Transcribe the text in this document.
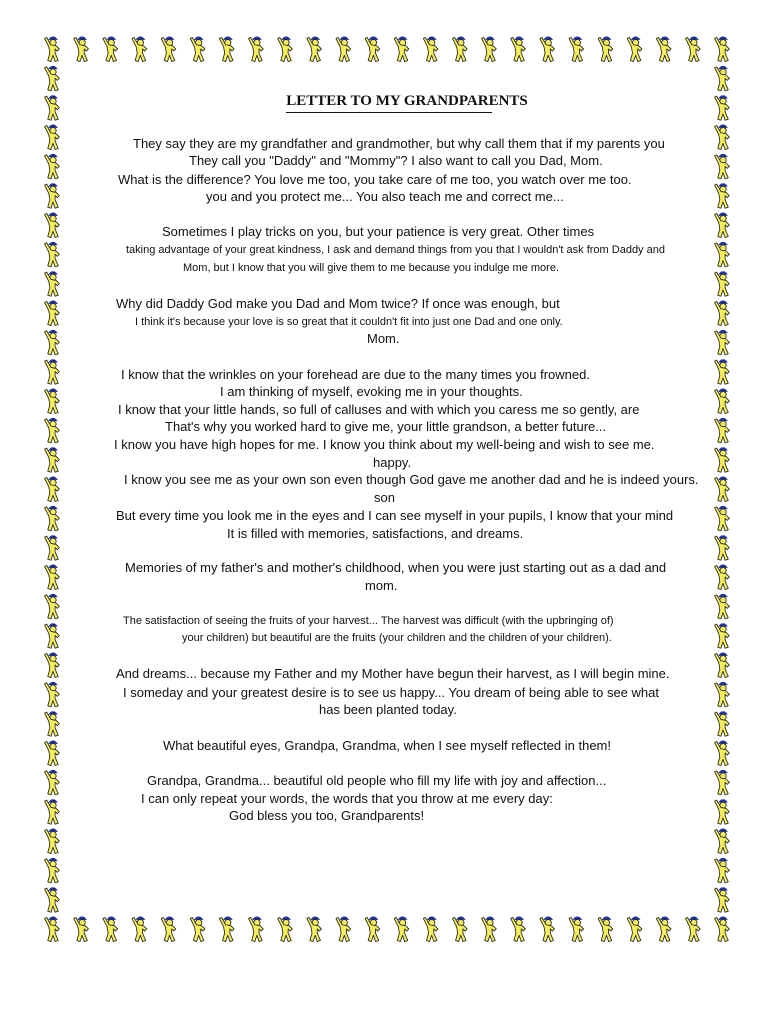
LETTER TO MY GRANDPARENTS
They say they are my grandfather and grandmother, but why call them that if my parents you
They call you "Daddy" and "Mommy"? I also want to call you Dad, Mom.
What is the difference? You love me too, you take care of me too, you watch over me too.
you and you protect me... You also teach me and correct me...
Sometimes I play tricks on you, but your patience is very great. Other times
taking advantage of your great kindness, I ask and demand things from you that I wouldn't ask from Daddy and
Mom, but I know that you will give them to me because you indulge me more.
Why did Daddy God make you Dad and Mom twice? If once was enough, but
I think it's because your love is so great that it couldn't fit into just one Dad and one only.
Mom.
I know that the wrinkles on your forehead are due to the many times you frowned.
I am thinking of myself, evoking me in your thoughts.
I know that your little hands, so full of calluses and with which you caress me so gently, are
That's why you worked hard to give me, your little grandson, a better future...
I know you have high hopes for me. I know you think about my well-being and wish to see me.
happy.
I know you see me as your own son even though God gave me another dad and he is indeed yours.
son
But every time you look me in the eyes and I can see myself in your pupils, I know that your mind
It is filled with memories, satisfactions, and dreams.
Memories of my father's and mother's childhood, when you were just starting out as a dad and
mom.
The satisfaction of seeing the fruits of your harvest... The harvest was difficult (with the upbringing of)
your children) but beautiful are the fruits (your children and the children of your children).
And dreams... because my Father and my Mother have begun their harvest, as I will begin mine.
I someday and your greatest desire is to see us happy... You dream of being able to see what
has been planted today.
What beautiful eyes, Grandpa, Grandma, when I see myself reflected in them!
Grandpa, Grandma... beautiful old people who fill my life with joy and affection...
I can only repeat your words, the words that you throw at me every day:
God bless you too, Grandparents!
